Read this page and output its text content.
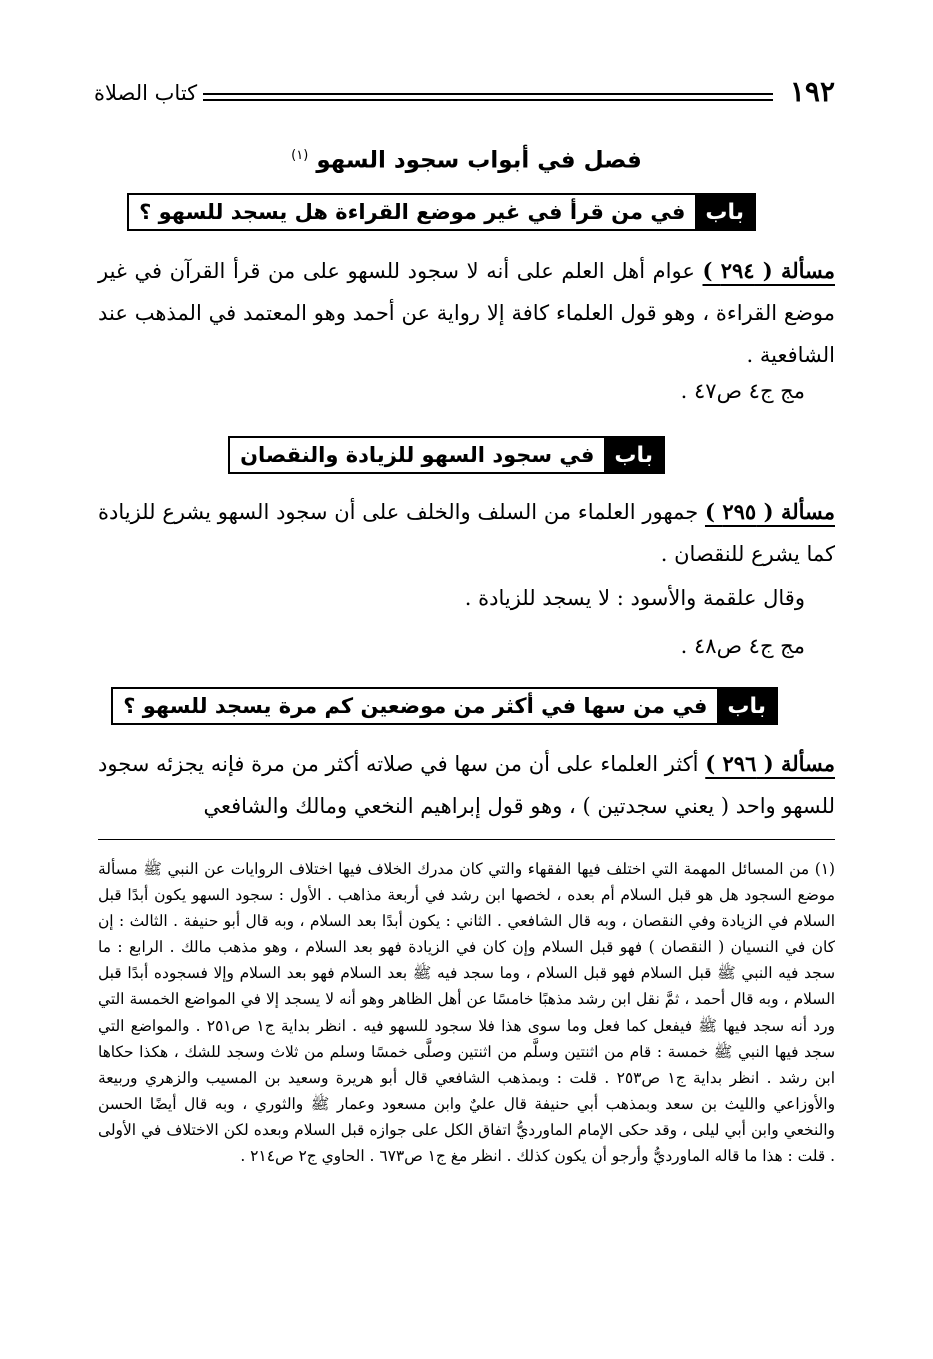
١٩٢
كتاب الصلاة
فصل في أبواب سجود السهو $^{(١)}$
باب
في من قرأ في غير موضع القراءة هل يسجد للسهو ؟
مسألة ( ٢٩٤ ) عوام أهل العلم على أنه لا سجود للسهو على من قرأ القرآن في غير موضع القراءة ، وهو قول العلماء كافة إلا رواية عن أحمد وهو المعتمد في المذهب عند الشافعية .
مج ج٤ ص٤٧ .
باب
في سجود السهو للزيادة والنقصان
مسألة ( ٢٩٥ ) جمهور العلماء من السلف والخلف على أن سجود السهو يشرع للزيادة كما يشرع للنقصان .
وقال علقمة والأسود : لا يسجد للزيادة .
مج ج٤ ص٤٨ .
باب
في من سها في أكثر من موضعين كم مرة يسجد للسهو ؟
مسألة ( ٢٩٦ ) أكثر العلماء على أن من سها في صلاته أكثر من مرة فإنه يجزئه سجود للسهو واحد ( يعني سجدتين ) ، وهو قول إبراهيم النخعي ومالك والشافعي
(١) من المسائل المهمة التي اختلف فيها الفقهاء والتي كان مدرك الخلاف فيها اختلاف الروايات عن النبي ﷺ مسألة موضع السجود هل هو قبل السلام أم بعده ، لخصها ابن رشد في أربعة مذاهب . الأول : سجود السهو يكون أبدًا قبل السلام في الزيادة وفي النقصان ، وبه قال الشافعي . الثاني : يكون أبدًا بعد السلام ، وبه قال أبو حنيفة . الثالث : إن كان في النسيان ( النقصان ) فهو قبل السلام وإن كان في الزيادة فهو بعد السلام ، وهو مذهب مالك . الرابع : ما سجد فيه النبي ﷺ قبل السلام فهو قبل السلام ، وما سجد فيه ﷺ بعد السلام فهو بعد السلام وإلا فسجوده أبدًا قبل السلام ، وبه قال أحمد ، ثمَّ نقل ابن رشد مذهبًا خامسًا عن أهل الظاهر وهو أنه لا يسجد إلا في المواضع الخمسة التي ورد أنه سجد فيها ﷺ فيفعل كما فعل وما سوى هذا فلا سجود للسهو فيه . انظر بداية ج١ ص٢٥١ . والمواضع التي سجد فيها النبي ﷺ خمسة : قام من اثنتين وسلَّم من اثنتين وصلَّى خمسًا وسلم من ثلاث وسجد للشك ، هكذا حكاها ابن رشد . انظر بداية ج١ ص٢٥٣ . قلت : وبمذهب الشافعي قال أبو هريرة وسعيد بن المسيب والزهري وربيعة والأوزاعي والليث بن سعد وبمذهب أبي حنيفة قال عليٌ وابن مسعود وعمار ﷺ والثوري ، وبه قال أيضًا الحسن والنخعي وابن أبي ليلى ، وقد حكى الإمام الماورديُّ اتفاق الكل على جوازه قبل السلام وبعده لكن الاختلاف في الأولى . قلت : هذا ما قاله الماورديُّ وأرجو أن يكون كذلك . انظر مغ ج١ ص٦٧٣ . الحاوي ج٢ ص٢١٤ .
